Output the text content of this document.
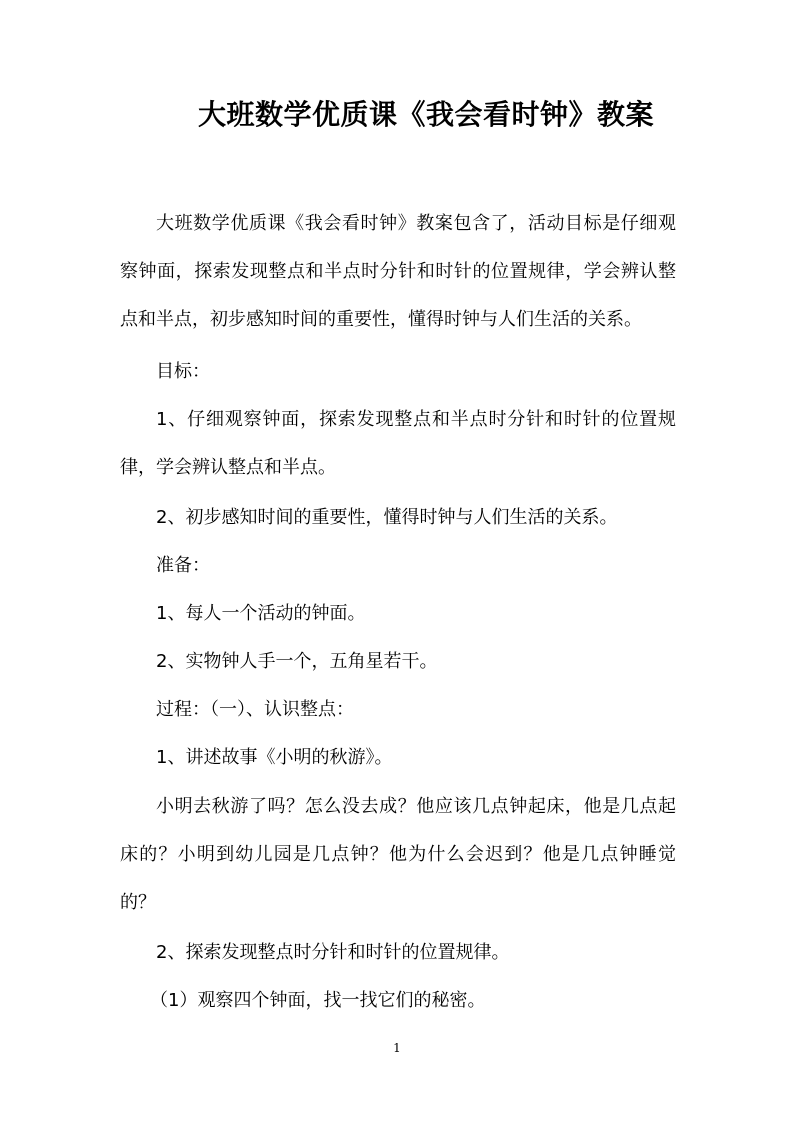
大班数学优质课《我会看时钟》教案
大班数学优质课《我会看时钟》教案包含了，活动目标是仔细观察钟面，探索发现整点和半点时分针和时针的位置规律，学会辨认整点和半点，初步感知时间的重要性，懂得时钟与人们生活的关系。
目标：
1、仔细观察钟面，探索发现整点和半点时分针和时针的位置规律，学会辨认整点和半点。
2、初步感知时间的重要性，懂得时钟与人们生活的关系。
准备：
1、每人一个活动的钟面。
2、实物钟人手一个，五角星若干。
过程：（一）、认识整点：
1、讲述故事《小明的秋游》。
小明去秋游了吗？怎么没去成？他应该几点钟起床，他是几点起床的？小明到幼儿园是几点钟？他为什么会迟到？他是几点钟睡觉的？
2、探索发现整点时分针和时针的位置规律。
（1）观察四个钟面，找一找它们的秘密。
1
